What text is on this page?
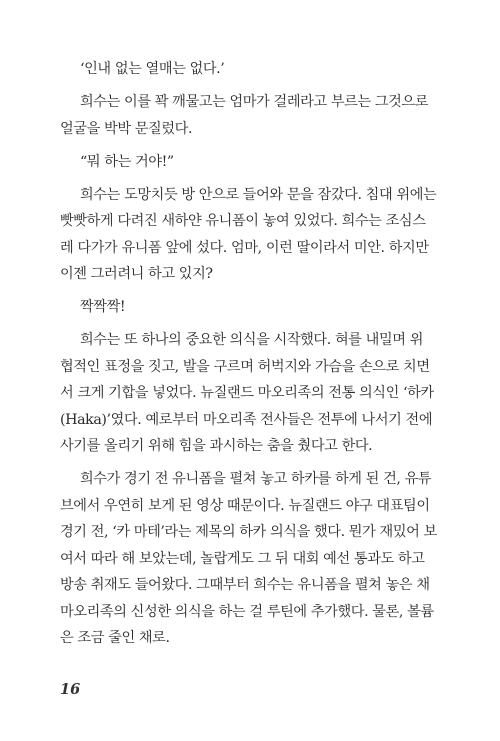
‘인내 없는 열매는 없다.’

희수는 이를 꽉 깨물고는 엄마가 걸레라고 부르는 그것으로
얼굴을 박박 문질렀다.

“뭐 하는 거야!”

희수는 도망치듯 방 안으로 들어와 문을 잠갔다. 침대 위에는
빳빳하게 다려진 새하얀 유니폼이 놓여 있었다. 희수는 조심스
레 다가가 유니폼 앞에 섰다. 엄마, 이런 딸이라서 미안. 하지만
이젠 그러려니 하고 있지?

짝짝짝!

희수는 또 하나의 중요한 의식을 시작했다. 혀를 내밀며 위
협적인 표정을 짓고, 발을 구르며 허벅지와 가슴을 손으로 치면
서 크게 기합을 넣었다. 뉴질랜드 마오리족의 전통 의식인 ‘하카
(Haka)’였다. 예로부터 마오리족 전사들은 전투에 나서기 전에
사기를 올리기 위해 힘을 과시하는 춤을 췄다고 한다.

희수가 경기 전 유니폼을 펼쳐 놓고 하카를 하게 된 건, 유튜
브에서 우연히 보게 된 영상 때문이다. 뉴질랜드 야구 대표팀이
경기 전, ‘카 마테’라는 제목의 하카 의식을 했다. 뭔가 재밌어 보
여서 따라 해 보았는데, 놀랍게도 그 뒤 대회 예선 통과도 하고
방송 취재도 들어왔다. 그때부터 희수는 유니폼을 펼쳐 놓은 채
마오리족의 신성한 의식을 하는 걸 루틴에 추가했다. 물론, 볼륨
은 조금 줄인 채로.

16
